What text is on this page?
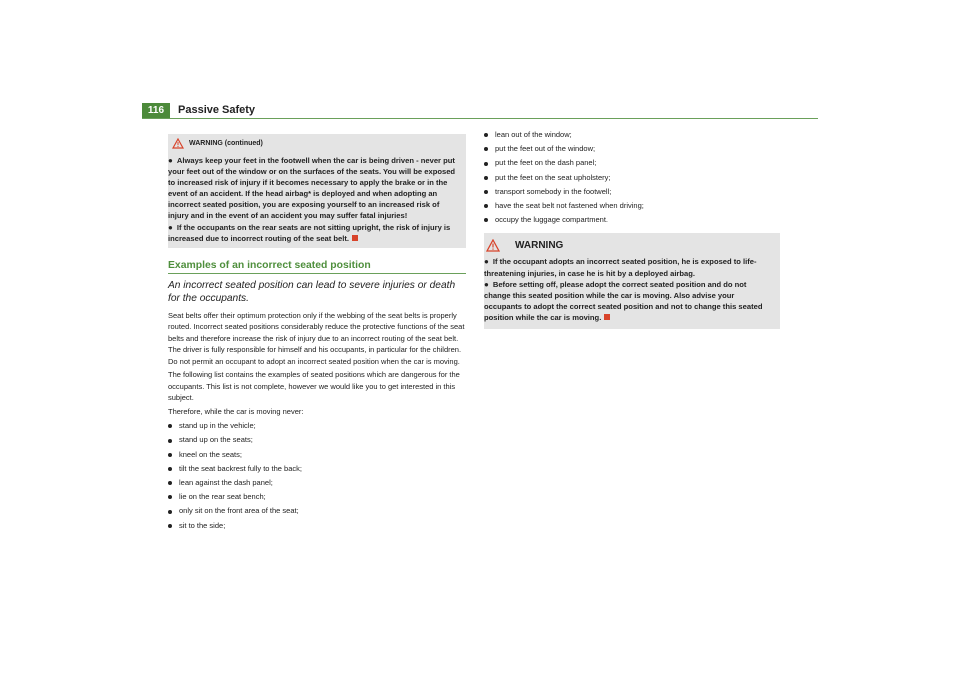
116	Passive Safety
WARNING (continued)

● Always keep your feet in the footwell when the car is being driven - never put your feet out of the window or on the surfaces of the seats. You will be exposed to increased risk of injury if it becomes necessary to apply the brake or in the event of an accident. If the head airbag* is deployed and when adopting an incorrect seated position, you are exposing yourself to an increased risk of injury and in the event of an accident you may suffer fatal injuries!

● If the occupants on the rear seats are not sitting upright, the risk of injury is increased due to incorrect routing of the seat belt.

Examples of an incorrect seated position

An incorrect seated position can lead to severe injuries or death for the occupants.

Seat belts offer their optimum protection only if the webbing of the seat belts is properly routed. Incorrect seated positions considerably reduce the protective functions of the seat belts and therefore increase the risk of injury due to an incorrect routing of the seat belt. The driver is fully responsible for himself and his occupants, in particular for the children. Do not permit an occupant to adopt an incorrect seated position when the car is moving.

The following list contains the examples of seated positions which are dangerous for the occupants. This list is not complete, however we would like you to get interested in this subject.

Therefore, while the car is moving never:

stand up in the vehicle;
stand up on the seats;
kneel on the seats;
tilt the seat backrest fully to the back;
lean against the dash panel;
lie on the rear seat bench;
only sit on the front area of the seat;
sit to the side;
lean out of the window;
put the feet out of the window;
put the feet on the dash panel;
put the feet on the seat upholstery;
transport somebody in the footwell;
have the seat belt not fastened when driving;
occupy the luggage compartment.
WARNING

● If the occupant adopts an incorrect seated position, he is exposed to life-threatening injuries, in case he is hit by a deployed airbag.

● Before setting off, please adopt the correct seated position and do not change this seated position while the car is moving. Also advise your occupants to adopt the correct seated position and not to change this seated position while the car is moving.
